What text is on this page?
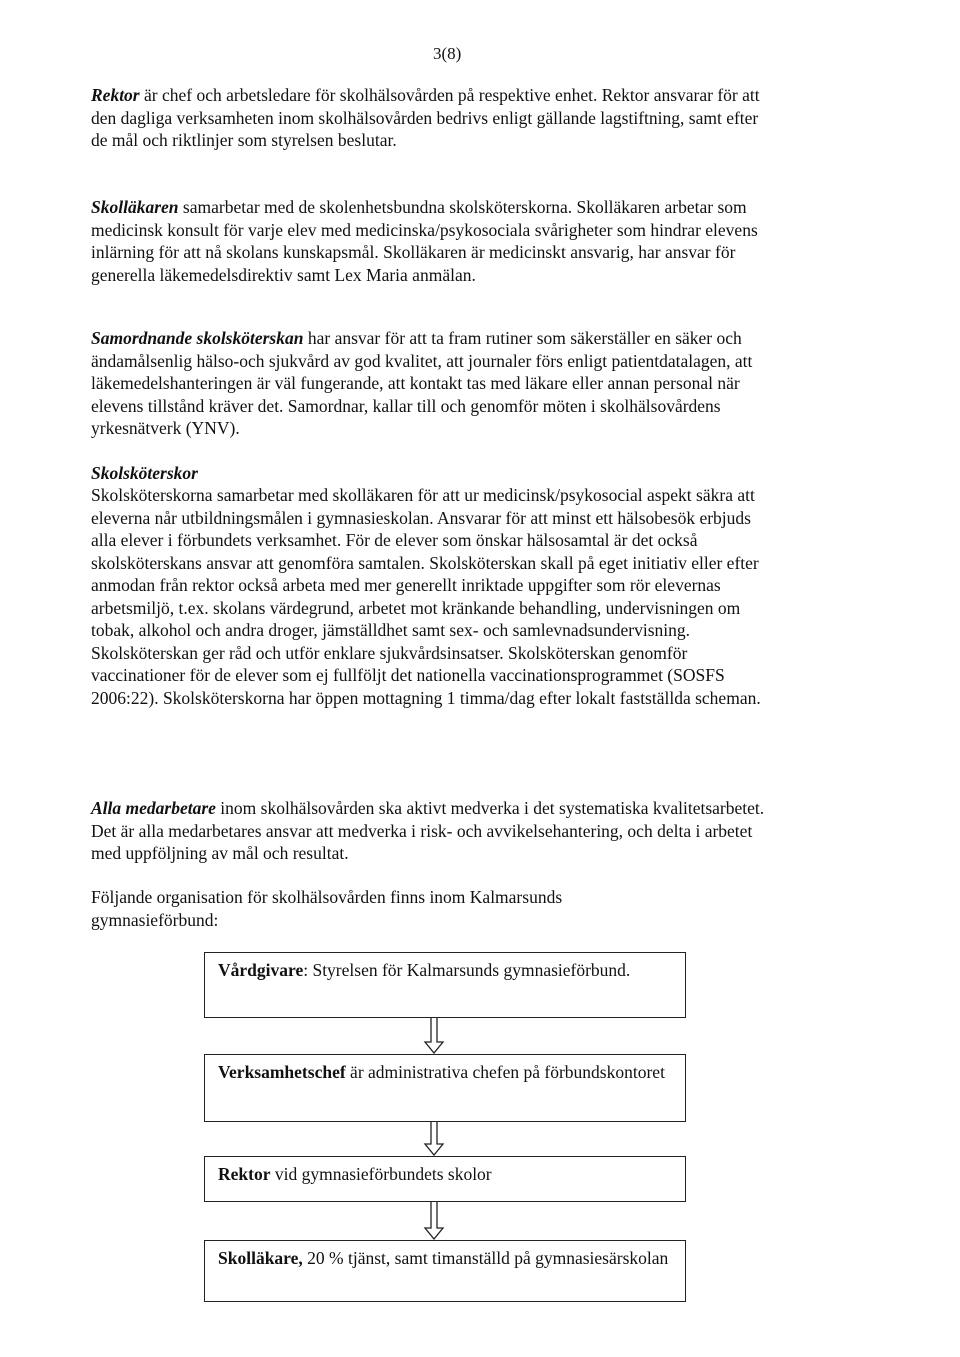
3(8)

Rektor är chef och arbetsledare för skolhälsovården på respektive enhet. Rektor ansvarar för att den dagliga verksamheten inom skolhälsovården bedrivs enligt gällande lagstiftning, samt efter de mål och riktlinjer som styrelsen beslutar.

Skolläkaren samarbetar med de skolenhetsbundna skolsköterskorna. Skolläkaren arbetar som medicinsk konsult för varje elev med medicinska/psykosociala svårigheter som hindrar elevens inlärning för att nå skolans kunskapsmål. Skolläkaren är medicinskt ansvarig, har ansvar för generella läkemedelsdirektiv samt Lex Maria anmälan.

Samordnande skolsköterskan har ansvar för att ta fram rutiner som säkerställer en säker och ändamålsenlig hälso-och sjukvård av god kvalitet, att journaler förs enligt patientdatalagen, att läkemedelshanteringen är väl fungerande, att kontakt tas med läkare eller annan personal när elevens tillstånd kräver det. Samordnar, kallar till och genomför möten i skolhälsovårdens yrkesnätverk (YNV).

Skolsköterskor

Skolsköterskorna samarbetar med skolläkaren för att ur medicinsk/psykosocial aspekt säkra att eleverna når utbildningsmålen i gymnasieskolan. Ansvarar för att minst ett hälsobesök erbjuds alla elever i förbundets verksamhet. För de elever som önskar hälsosamtal är det också skolsköterskans ansvar att genomföra samtalen. Skolsköterskan skall på eget initiativ eller efter anmodan från rektor också arbeta med mer generellt inriktade uppgifter som rör elevernas arbetsmiljö, t.ex. skolans värdegrund, arbetet mot kränkande behandling, undervisningen om tobak, alkohol och andra droger, jämställdhet samt sex- och samlevnadsundervisning. Skolsköterskan ger råd och utför enklare sjukvårdsinsatser. Skolsköterskan genomför vaccinationer för de elever som ej fullföljt det nationella vaccinationsprogrammet (SOSFS 2006:22). Skolsköterskorna har öppen mottagning 1 timma/dag efter lokalt fastställda scheman.

Alla medarbetare inom skolhälsovården ska aktivt medverka i det systematiska kvalitetsarbetet. Det är alla medarbetares ansvar att medverka i risk- och avvikelsehantering, och delta i arbetet med uppföljning av mål och resultat.

Följande organisation för skolhälsovården finns inom Kalmarsunds gymnasieförbund:

Vårdgivare: Styrelsen för Kalmarsunds gymnasieförbund.
Verksamhetschef är administrativa chefen på förbundskontoret
Rektor vid gymnasieförbundets skolor
Skolläkare, 20 % tjänst, samt timanställd på gymnasiesärskolan
